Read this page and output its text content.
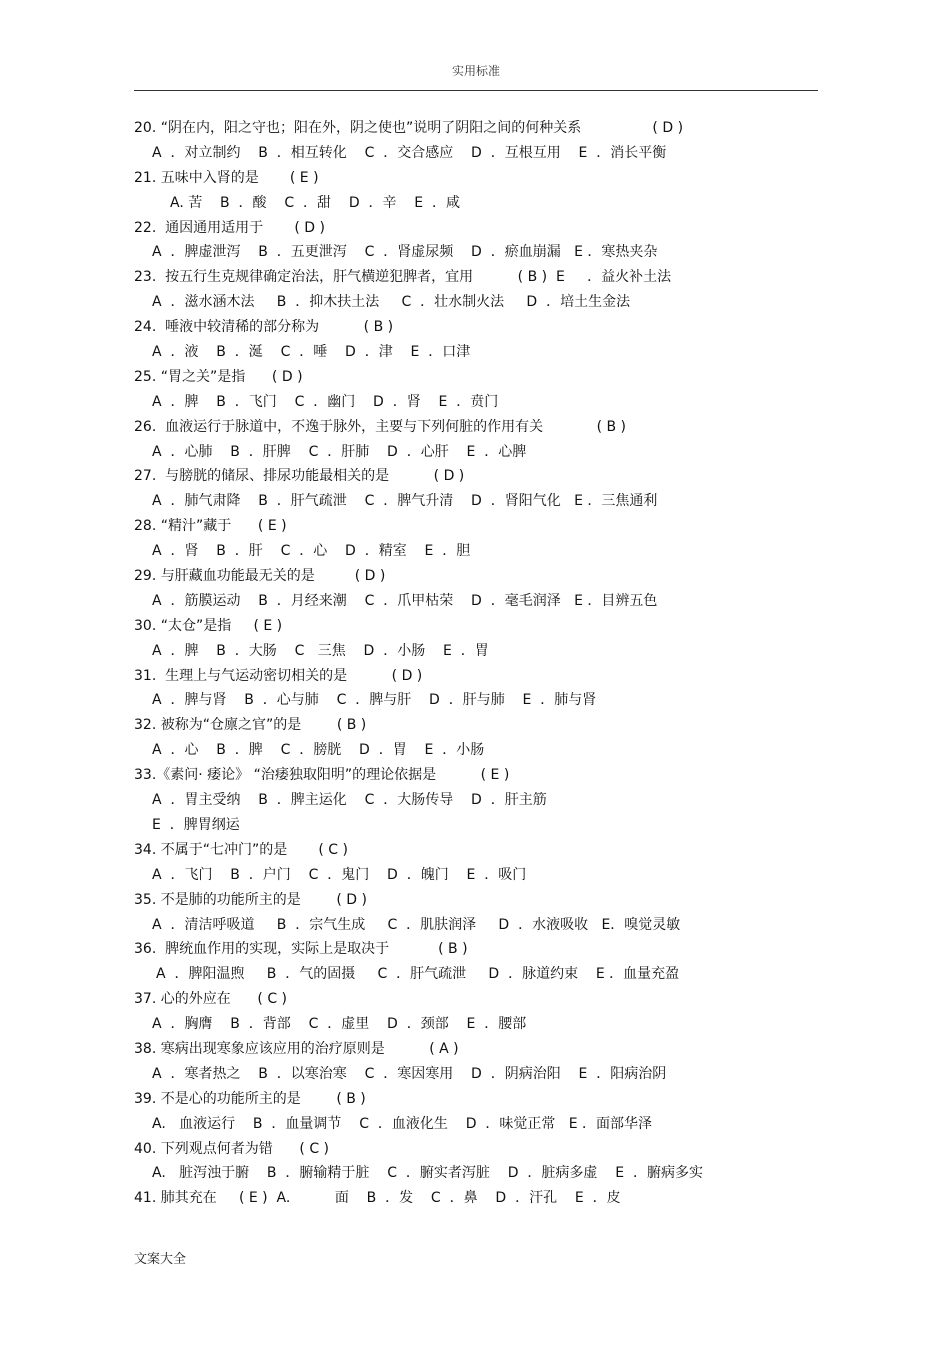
实用标准
20. “阴在内，阳之守也；阳在外，阴之使也”说明了阴阳之间的何种关系                ( D )
A  ．对立制约    B  ．相互转化    C  ．交合感应    D  ．互根互用    E  ．消长平衡
21. 五味中入肾的是       ( E )
A. 苦    B  ．酸    C  ．甜    D  ．辛    E  ．咸
22.  通因通用适用于       ( D )
A  ．脾虚泄泻    B  ．五更泄泻    C  ．肾虚尿频    D  ．瘀血崩漏   E ．寒热夹杂
23.  按五行生克规律确定治法，肝气横逆犯脾者，宜用          ( B )  E     ．益火补土法
A  ．滋水涵木法     B  ．抑木扶土法     C  ．壮水制火法     D  ．培土生金法
24.  唾液中较清稀的部分称为          ( B )
A  ．液    B  ．涎    C  ．唾    D  ．津    E  ．口津
25. “胃之关”是指      ( D )
A  ．脾    B  ．飞门    C  ．幽门    D  ．肾    E  ．贲门
26.  血液运行于脉道中，不逸于脉外，主要与下列何脏的作用有关            ( B )
A  ．心肺    B  ．肝脾    C  ．肝肺    D  ．心肝    E  ．心脾
27.  与膀胱的储尿、排尿功能最相关的是          ( D )
A  ．肺气肃降    B  ．肝气疏泄    C  ．脾气升清    D  ．肾阳气化   E ．三焦通利
28. “精汁”藏于      ( E )
A  ．肾    B  ．肝    C  ．心    D  ．精室    E  ．胆
29. 与肝藏血功能最无关的是         ( D )
A  ．筋膜运动    B  ．月经来潮    C  ．爪甲枯荣    D  ．毫毛润泽   E ．目辨五色
30. “太仓”是指     ( E )
A  ．脾    B  ．大肠    C   三焦    D  ．小肠    E  ．胃
31.  生理上与气运动密切相关的是          ( D )
A  ．脾与肾    B  ．心与肺    C  ．脾与肝    D  ．肝与肺    E  ．肺与肾
32. 被称为“仓廪之官”的是        ( B )
A  ．心    B  ．脾    C  ．膀胱    D  ．胃    E  ．小肠
33.《素问· 痿论》 “治痿独取阳明”的理论依据是          ( E )
A  ．胃主受纳    B  ．脾主运化    C  ．大肠传导    D  ．肝主筋
E  ．脾胃纲运
34. 不属于“七冲门”的是       ( C )
A  ．飞门    B  ．户门    C  ．鬼门    D  ．魄门    E  ．吸门
35. 不是肺的功能所主的是        ( D )
A  ．清洁呼吸道     B  ．宗气生成     C  ．肌肤润泽     D  ．水液吸收   E．嗅觉灵敏
36.  脾统血作用的实现，实际上是取决于           ( B )
A  ．脾阳温煦     B  ．气的固摄     C  ．肝气疏泄     D  ．脉道约束    E ．血量充盈
37. 心的外应在      ( C )
A  ．胸膺    B  ．背部    C  ．虚里    D  ．颈部    E  ．腰部
38. 寒病出现寒象应该应用的治疗原则是          ( A )
A  ．寒者热之    B  ．以寒治寒    C  ．寒因寒用    D  ．阴病治阳    E  ．阳病治阴
39. 不是心的功能所主的是        ( B )
A.   血液运行    B  ．血量调节    C  ．血液化生    D  ．味觉正常   E ．面部华泽
40. 下列观点何者为错      ( C )
A.   脏泻浊于腑    B  ．腑输精于脏    C  ．腑实者泻脏    D  ．脏病多虚    E  ．腑病多实
41. 肺其充在     ( E )  A.          面    B  ．发    C  ．鼻    D  ．汗孔    E  ．皮
文案大全
